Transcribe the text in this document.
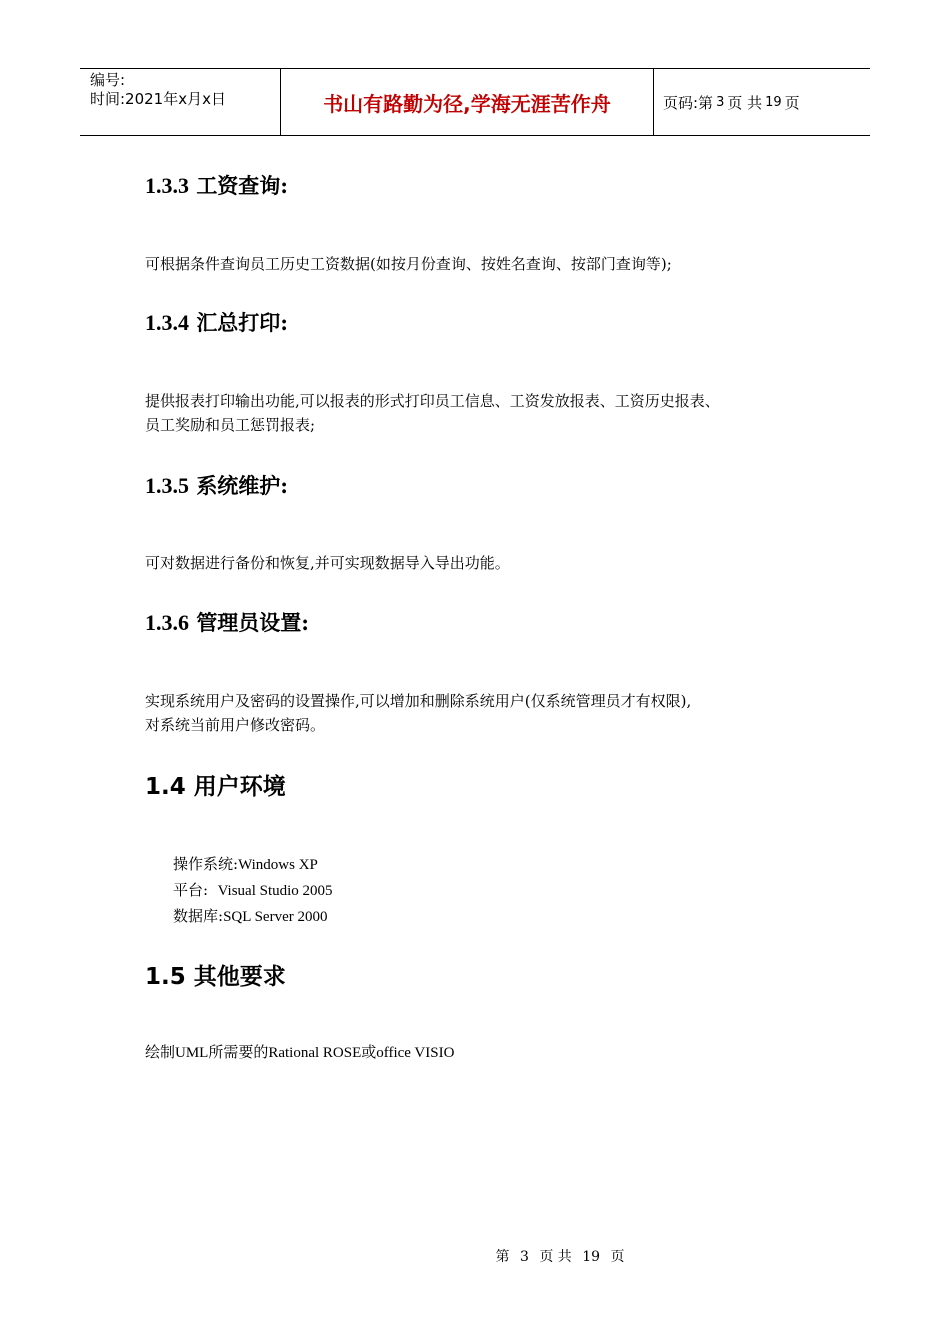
编号:
时间:2021年x月x日	书山有路勤为径,学海无涯苦作舟	页码:第 3 页 共 19 页
1.3.3 工资查询:
可根据条件查询员工历史工资数据(如按月份查询、按姓名查询、按部门查询等);
1.3.4 汇总打印:
提供报表打印输出功能,可以报表的形式打印员工信息、工资发放报表、工资历史报表、
员工奖励和员工惩罚报表;
1.3.5 系统维护:
可对数据进行备份和恢复,并可实现数据导入导出功能。
1.3.6 管理员设置:
实现系统用户及密码的设置操作,可以增加和删除系统用户(仅系统管理员才有权限),
对系统当前用户修改密码。
1.4 用户环境
操作系统:Windows XP
平台:  Visual Studio 2005
数据库:SQL Server 2000
1.5 其他要求
绘制UML所需要的Rational ROSE或office VISIO
第 3 页 共 19 页
